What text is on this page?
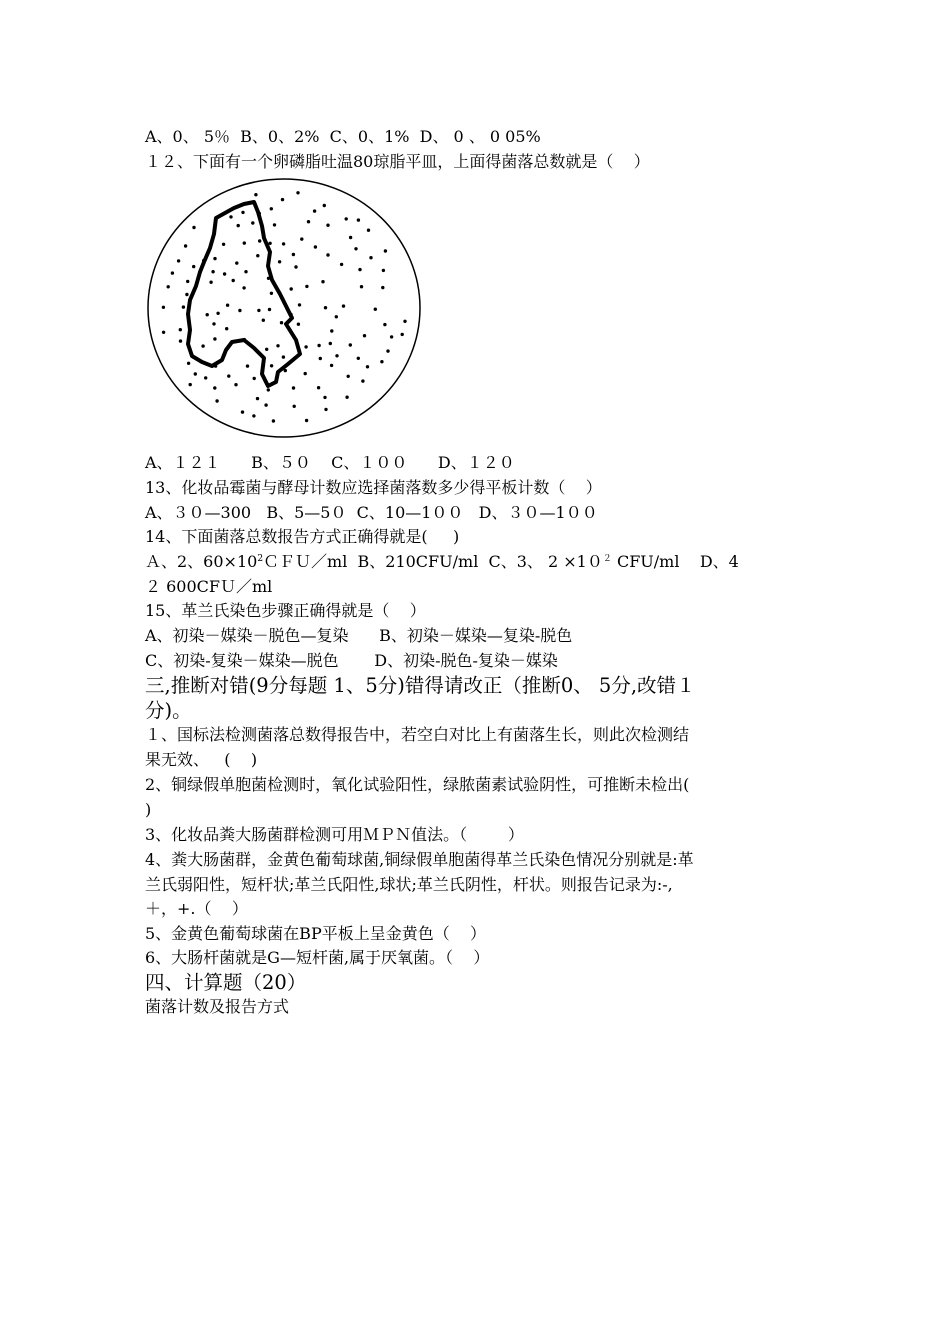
A、0、 5％  B、0、2%  C、0、1%  D、 0 、 0 05%
１２、下面有一个卵磷脂吐温80琼脂平皿，上面得菌落总数就是（    ）
A、１２１      B、５０    C、１００      D、１２０
13、化妆品霉菌与酵母计数应选择菌落数多少得平板计数（    ）
A、３０—300   B、5—5０  C、10—1００   D、３０—1００
14、下面菌落总数报告方式正确得就是(     )
Ａ、2、$60\times 10^2CFU/ml$  B、210CFU/ml  C、3、 $2 \times 10^2$ CFU/ml    D、4
２ 600CFＵ／ml
15、革兰氏染色步骤正确得就是（    ）
A、初染－媒染－脱色—复染      B、初染－媒染—复染-脱色
C、初染-复染－媒染—脱色       D、初染-脱色-复染－媒染
三,推断对错(9分每题 1、5分)错得请改正（推断0、 5分,改错１
分)。
１、国标法检测菌落总数得报告中，若空白对比上有菌落生长，则此次检测结
果无效、   (    )
2、铜绿假单胞菌检测时，氧化试验阳性，绿脓菌素试验阴性，可推断未检出(
)
3、化妆品粪大肠菌群检测可用ＭＰＮ值法。（        ）
4、粪大肠菌群，金黄色葡萄球菌,铜绿假单胞菌得革兰氏染色情况分别就是:革
兰氏弱阳性，短杆状;革兰氏阳性,球状;革兰氏阴性，杆状。则报告记录为:-,
＋，+.（    ）
5、金黄色葡萄球菌在BP平板上呈金黄色（    ）
6、大肠杆菌就是G—短杆菌,属于厌氧菌。（    ）
四、计算题（20）
菌落计数及报告方式
